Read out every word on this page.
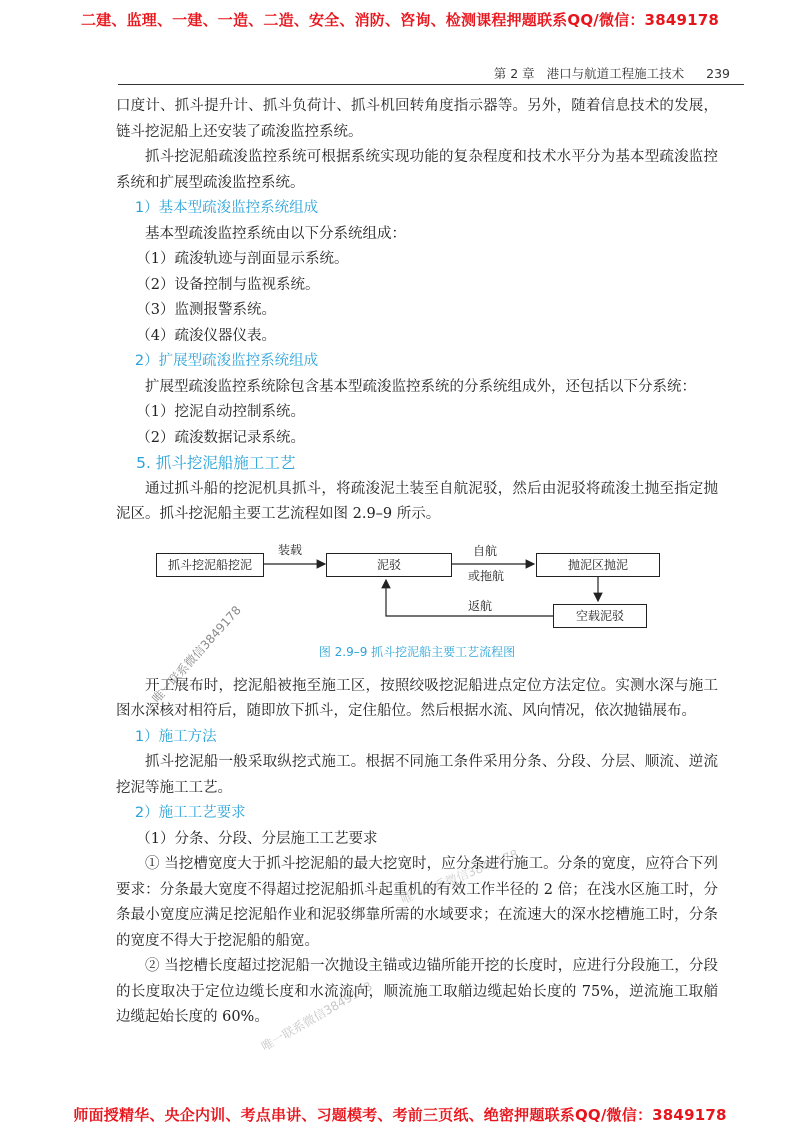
二建、监理、一建、一造、二造、安全、消防、咨询、检测课程押题联系QQ/微信：3849178
第 2 章 港口与航道工程施工技术 239

口度计、抓斗提升计、抓斗负荷计、抓斗机回转角度指示器等。另外，随着信息技术的发展，链斗挖泥船上还安装了疏浚监控系统。

抓斗挖泥船疏浚监控系统可根据系统实现功能的复杂程度和技术水平分为基本型疏浚监控系统和扩展型疏浚监控系统。

1）基本型疏浚监控系统组成

基本型疏浚监控系统由以下分系统组成：

（1）疏浚轨迹与剖面显示系统。

（2）设备控制与监视系统。

（3）监测报警系统。

（4）疏浚仪器仪表。

2）扩展型疏浚监控系统组成

扩展型疏浚监控系统除包含基本型疏浚监控系统的分系统组成外，还包括以下分系统：

（1）挖泥自动控制系统。

（2）疏浚数据记录系统。

5. 抓斗挖泥船施工工艺

通过抓斗船的挖泥机具抓斗，将疏浚泥土装至自航泥驳，然后由泥驳将疏浚土抛至指定抛泥区。抓斗挖泥船主要工艺流程如图 2.9–9 所示。

抓斗挖泥船挖泥	泥驳	抛泥区抛泥
空载泥驳
装载	自航
或拖航
返航
图 2.9–9 抓斗挖泥船主要工艺流程图

开工展布时，挖泥船被拖至施工区，按照绞吸挖泥船进点定位方法定位。实测水深与施工图水深核对相符后，随即放下抓斗，定住船位。然后根据水流、风向情况，依次抛锚展布。

1）施工方法

抓斗挖泥船一般采取纵挖式施工。根据不同施工条件采用分条、分段、分层、顺流、逆流挖泥等施工工艺。

2）施工工艺要求

（1）分条、分段、分层施工工艺要求

① 当挖槽宽度大于抓斗挖泥船的最大挖宽时，应分条进行施工。分条的宽度，应符合下列要求：分条最大宽度不得超过挖泥船抓斗起重机的有效工作半径的 2 倍；在浅水区施工时，分条最小宽度应满足挖泥船作业和泥驳绑靠所需的水域要求；在流速大的深水挖槽施工时，分条的宽度不得大于挖泥船的船宽。

② 当挖槽长度超过挖泥船一次抛设主锚或边锚所能开挖的长度时，应进行分段施工，分段的长度取决于定位边缆长度和水流流向，顺流施工取艏边缆起始长度的 75%，逆流施工取艏边缆起始长度的 60%。

唯一联系微信3849178
唯一联系微信3849178
唯一联系微信3849178
师面授精华、央企内训、考点串讲、习题模考、考前三页纸、绝密押题联系QQ/微信：3849178
